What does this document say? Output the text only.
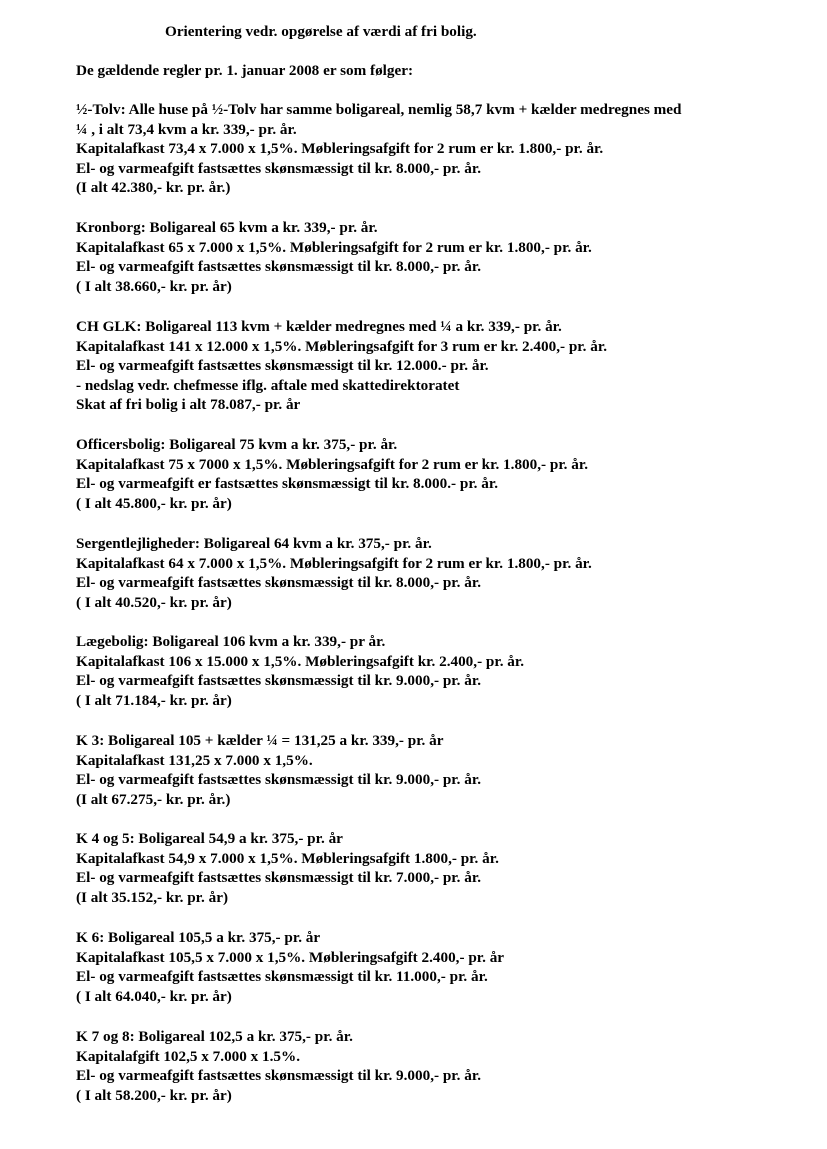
Orientering vedr. opgørelse af værdi af fri bolig.
De gældende regler pr. 1. januar 2008 er som følger:
½-Tolv: Alle huse på ½-Tolv har samme boligareal, nemlig 58,7 kvm + kælder medregnes med
¼ , i alt 73,4 kvm a kr. 339,- pr. år.
Kapitalafkast 73,4 x 7.000 x 1,5%. Møbleringsafgift for 2 rum er kr. 1.800,- pr. år.
El- og varmeafgift fastsættes skønsmæssigt til kr. 8.000,- pr. år.
(I alt 42.380,- kr. pr. år.)
Kronborg: Boligareal 65 kvm a kr. 339,- pr. år.
Kapitalafkast 65 x 7.000 x 1,5%. Møbleringsafgift for 2 rum er kr. 1.800,- pr. år.
El- og varmeafgift fastsættes skønsmæssigt til kr. 8.000,- pr. år.
( I alt 38.660,- kr. pr. år)
CH GLK: Boligareal 113 kvm + kælder medregnes med ¼ a kr. 339,- pr. år.
Kapitalafkast 141 x 12.000 x 1,5%. Møbleringsafgift for 3 rum er kr. 2.400,- pr. år.
El- og varmeafgift fastsættes skønsmæssigt til kr. 12.000.- pr. år.
- nedslag vedr. chefmesse iflg. aftale med skattedirektoratet
Skat af fri bolig i alt 78.087,- pr. år
Officersbolig: Boligareal 75 kvm a kr. 375,- pr. år.
Kapitalafkast 75 x 7000 x 1,5%. Møbleringsafgift for 2 rum er kr. 1.800,- pr. år.
El- og varmeafgift er fastsættes skønsmæssigt til kr. 8.000.- pr. år.
( I alt 45.800,- kr. pr. år)
Sergentlejligheder: Boligareal 64 kvm a kr. 375,- pr. år.
Kapitalafkast 64 x 7.000 x 1,5%. Møbleringsafgift for 2 rum er kr. 1.800,- pr. år.
El- og varmeafgift fastsættes skønsmæssigt til kr. 8.000,- pr. år.
( I alt 40.520,- kr. pr. år)
Lægebolig: Boligareal 106 kvm a kr. 339,- pr år.
Kapitalafkast 106 x 15.000 x 1,5%. Møbleringsafgift kr. 2.400,- pr. år.
El- og varmeafgift fastsættes skønsmæssigt til kr. 9.000,- pr. år.
( I alt 71.184,- kr. pr. år)
K 3: Boligareal 105 + kælder ¼ = 131,25 a kr. 339,- pr. år
Kapitalafkast 131,25 x 7.000 x 1,5%.
El- og varmeafgift fastsættes skønsmæssigt til kr. 9.000,- pr. år.
(I alt 67.275,- kr. pr. år.)
K 4 og 5: Boligareal 54,9 a kr. 375,- pr. år
Kapitalafkast 54,9 x 7.000 x 1,5%. Møbleringsafgift 1.800,- pr. år.
El- og varmeafgift fastsættes skønsmæssigt til kr. 7.000,- pr. år.
(I alt 35.152,- kr. pr. år)
K 6: Boligareal 105,5 a kr. 375,- pr. år
Kapitalafkast 105,5 x 7.000 x 1,5%. Møbleringsafgift 2.400,- pr. år
El- og varmeafgift fastsættes skønsmæssigt til kr. 11.000,- pr. år.
( I alt 64.040,- kr. pr. år)
K 7 og 8: Boligareal 102,5 a kr. 375,- pr. år.
Kapitalafgift 102,5 x 7.000 x 1.5%.
El- og varmeafgift fastsættes skønsmæssigt til kr. 9.000,- pr. år.
( I alt 58.200,- kr. pr. år)
